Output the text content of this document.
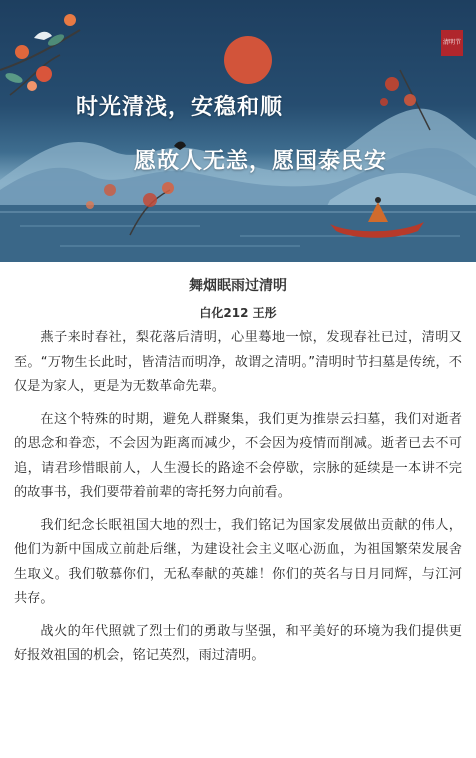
时光清浅，安稳和顺
愿故人无恙，愿国泰民安
清明节
舞烟眠雨过清明
白化212 王彤

燕子来时春社，梨花落后清明，心里蓦地一惊，发现春社已过，清明又至。“万物生长此时，皆清洁而明净，故谓之清明。”清明时节扫墓是传统，不仅是为家人，更是为无数革命先辈。

在这个特殊的时期，避免人群聚集，我们更为推崇云扫墓，我们对逝者的思念和眷恋，不会因为距离而减少，不会因为疫情而削减。逝者已去不可追，请君珍惜眼前人，人生漫长的路途不会停歇，宗脉的延续是一本讲不完的故事书，我们要带着前辈的寄托努力向前看。

我们纪念长眠祖国大地的烈士，我们铭记为国家发展做出贡献的伟人，他们为新中国成立前赴后继，为建设社会主义呕心沥血，为祖国繁荣发展舍生取义。我们敬慕你们，无私奉献的英雄！你们的英名与日月同辉，与江河共存。

战火的年代照就了烈士们的勇敢与坚强，和平美好的环境为我们提供更好报效祖国的机会，铭记英烈，雨过清明。
